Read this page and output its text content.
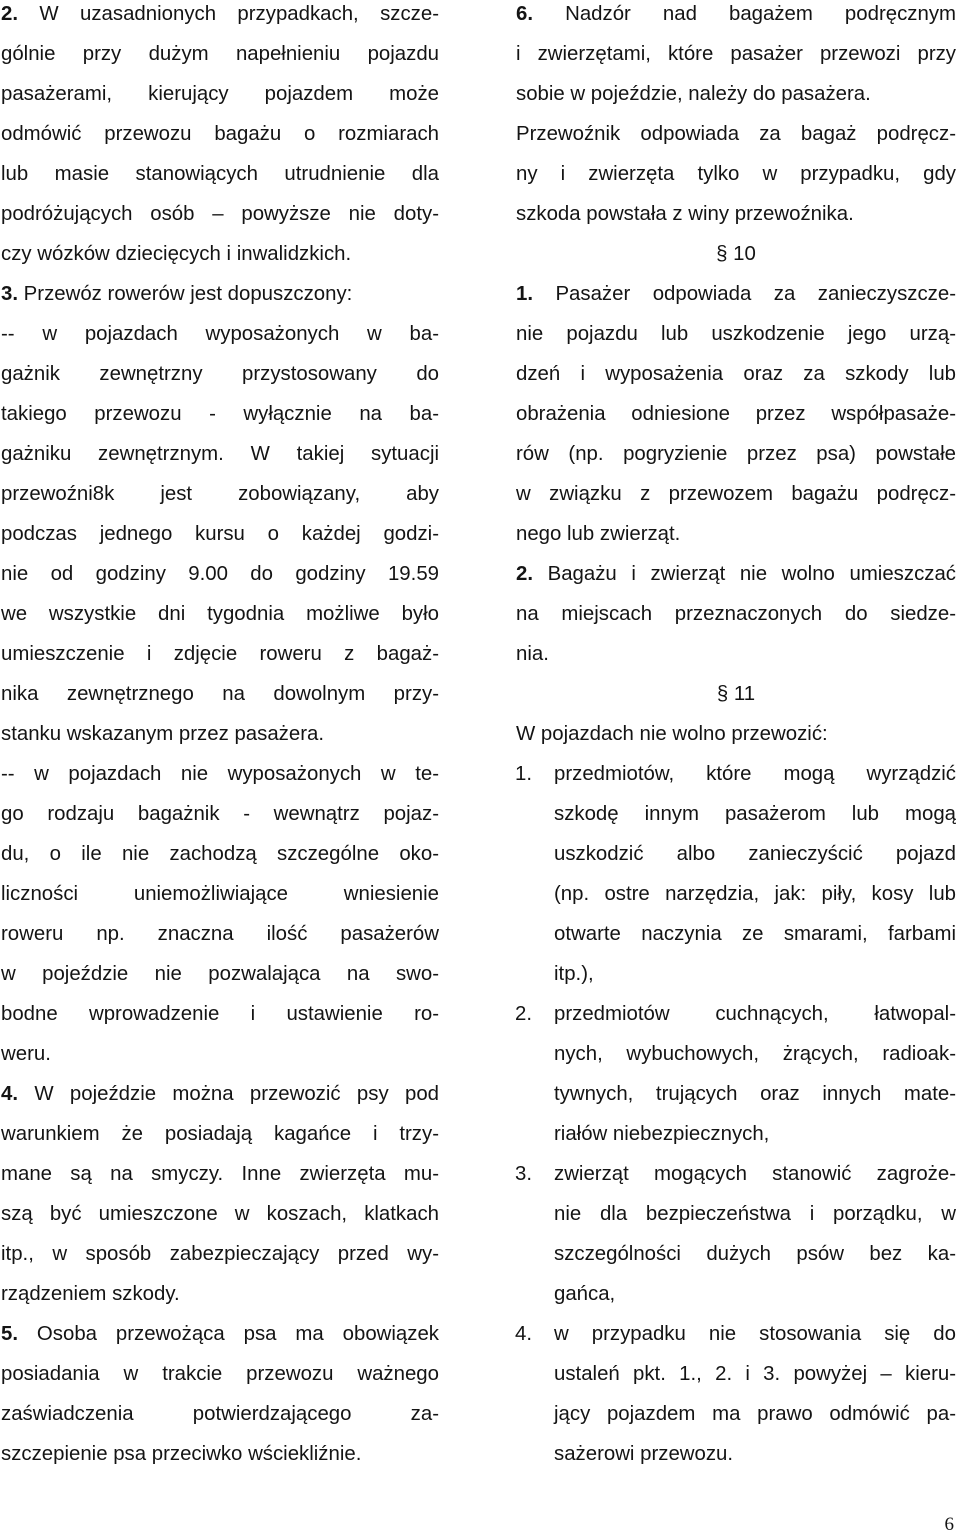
2. W uzasadnionych przypadkach, szcze-
gólnie przy dużym napełnieniu pojazdu
pasażerami, kierujący pojazdem może
odmówić przewozu bagażu o rozmiarach
lub masie stanowiących utrudnienie dla
podróżujących osób – powyższe nie doty-
czy wózków dziecięcych i inwalidzkich.
3. Przewóz rowerów jest dopuszczony:
-- w pojazdach wyposażonych w ba-
gażnik zewnętrzny przystosowany do
takiego przewozu - wyłącznie na ba-
gażniku zewnętrznym. W takiej sytuacji
przewoźni8k jest zobowiązany, aby
podczas jednego kursu o każdej godzi-
nie od godziny 9.00 do godziny 19.59
we wszystkie dni tygodnia możliwe było
umieszczenie i zdjęcie roweru z bagaż-
nika zewnętrznego na dowolnym przy-
stanku wskazanym przez pasażera.
-- w pojazdach nie wyposażonych w te-
go rodzaju bagażnik - wewnątrz pojaz-
du, o ile nie zachodzą szczególne oko-
liczności uniemożliwiające wniesienie
roweru np. znaczna ilość pasażerów
w pojeździe nie pozwalająca na swo-
bodne wprowadzenie i ustawienie ro-
weru.
4. W pojeździe można przewozić psy pod
warunkiem że posiadają kagańce i trzy-
mane są na smyczy. Inne zwierzęta mu-
szą być umieszczone w koszach, klatkach
itp., w sposób zabezpieczający przed wy-
rządzeniem szkody.
5. Osoba przewożąca psa ma obowiązek
posiadania w trakcie przewozu ważnego
zaświadczenia potwierdzającego za-
szczepienie psa przeciwko wściekliźnie.
6. Nadzór nad bagażem podręcznym
i zwierzętami, które pasażer przewozi przy
sobie w pojeździe, należy do pasażera.
Przewoźnik odpowiada za bagaż podręcz-
ny i zwierzęta tylko w przypadku, gdy
szkoda powstała z winy przewoźnika.
§ 10
1. Pasażer odpowiada za zanieczyszcze-
nie pojazdu lub uszkodzenie jego urzą-
dzeń i wyposażenia oraz za szkody lub
obrażenia odniesione przez współpasaże-
rów (np. pogryzienie przez psa) powstałe
w związku z przewozem bagażu podręcz-
nego lub zwierząt.
2. Bagażu i zwierząt nie wolno umieszczać
na miejscach przeznaczonych do siedze-
nia.
§ 11
W pojazdach nie wolno przewozić:
1. przedmiotów, które mogą wyrządzić
szkodę innym pasażerom lub mogą
uszkodzić albo zanieczyścić pojazd
(np. ostre narzędzia, jak: piły, kosy lub
otwarte naczynia ze smarami, farbami
itp.),
2. przedmiotów cuchnących, łatwopal-
nych, wybuchowych, żrących, radioak-
tywnych, trujących oraz innych mate-
riałów niebezpiecznych,
3. zwierząt mogących stanowić zagroże-
nie dla bezpieczeństwa i porządku, w
szczególności dużych psów bez ka-
gańca,
4. w przypadku nie stosowania się do
ustaleń pkt. 1., 2. i 3. powyżej – kieru-
jący pojazdem ma prawo odmówić pa-
sażerowi przewozu.
6
